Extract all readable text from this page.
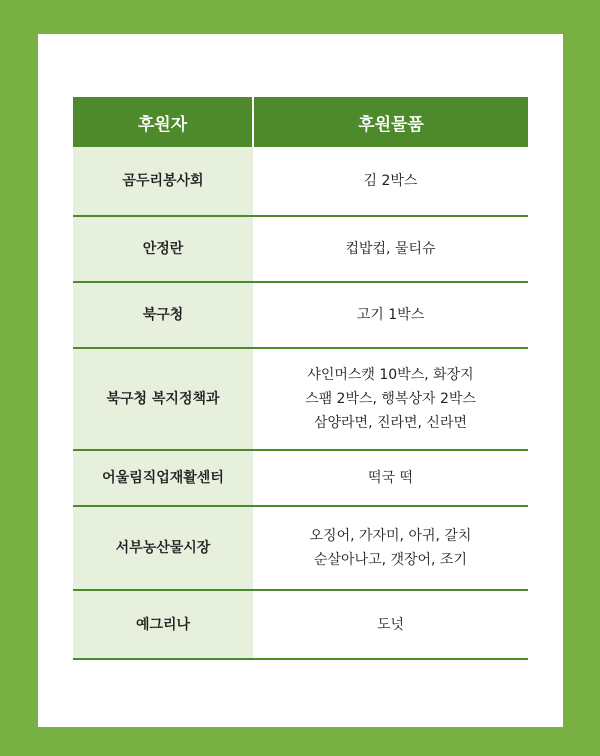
후원자	후원물품
곰두리봉사회	김 2박스

안정란	컵밥컵, 물티슈

북구청	고기 1박스

북구청 복지정책과	샤인머스캣 10박스, 화장지
스팸 2박스, 행복상자 2박스
삼양라면, 진라면, 신라면

어울림직업재활센터	떡국 떡

서부농산물시장	오징어, 가자미, 아귀, 갈치
순살아나고, 갯장어, 조기

예그리나	도넛
